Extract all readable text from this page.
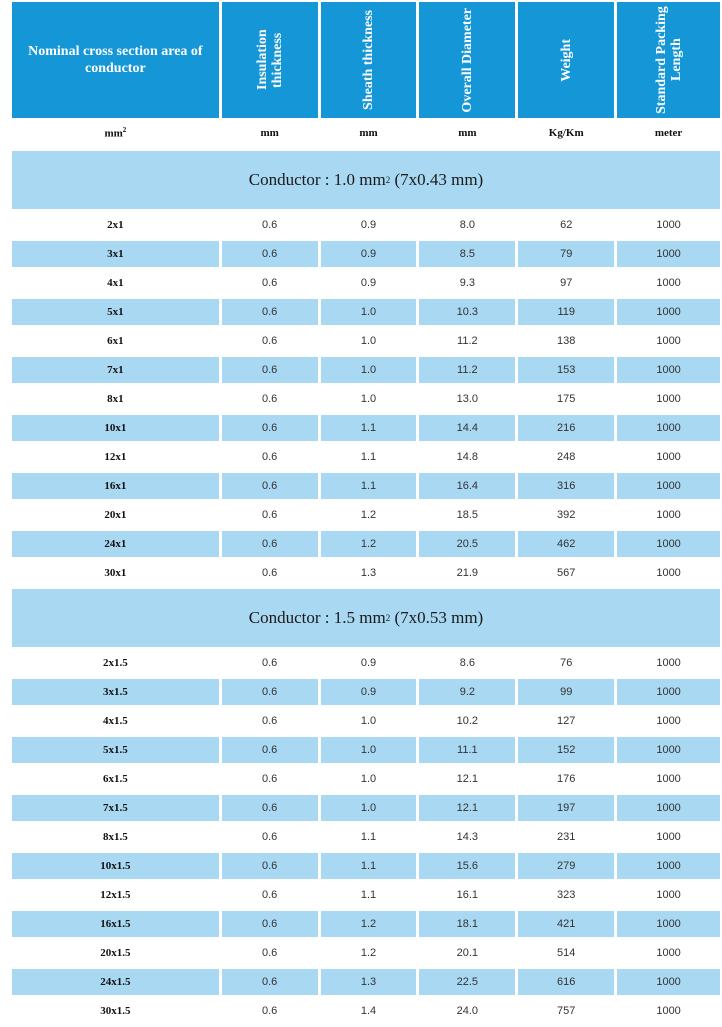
Nominal cross section area of conductor	Insulation thickness	Sheath thickness	Overall Diameter	Weight	Standard Packing Length
$mm^2$	mm	mm	mm	Kg/Km	meter
Conductor : 1.0 mm 2 (7x0.43 mm)
2x1	0.6	0.9	8.0	62	1000
3x1	0.6	0.9	8.5	79	1000
4x1	0.6	0.9	9.3	97	1000
5x1	0.6	1.0	10.3	119	1000
6x1	0.6	1.0	11.2	138	1000
7x1	0.6	1.0	11.2	153	1000
8x1	0.6	1.0	13.0	175	1000
10x1	0.6	1.1	14.4	216	1000
12x1	0.6	1.1	14.8	248	1000
16x1	0.6	1.1	16.4	316	1000
20x1	0.6	1.2	18.5	392	1000
24x1	0.6	1.2	20.5	462	1000
30x1	0.6	1.3	21.9	567	1000
Conductor : 1.5 mm 2 (7x0.53 mm)
2x1.5	0.6	0.9	8.6	76	1000
3x1.5	0.6	0.9	9.2	99	1000
4x1.5	0.6	1.0	10.2	127	1000
5x1.5	0.6	1.0	11.1	152	1000
6x1.5	0.6	1.0	12.1	176	1000
7x1.5	0.6	1.0	12.1	197	1000
8x1.5	0.6	1.1	14.3	231	1000
10x1.5	0.6	1.1	15.6	279	1000
12x1.5	0.6	1.1	16.1	323	1000
16x1.5	0.6	1.2	18.1	421	1000
20x1.5	0.6	1.2	20.1	514	1000
24x1.5	0.6	1.3	22.5	616	1000
30x1.5	0.6	1.4	24.0	757	1000
